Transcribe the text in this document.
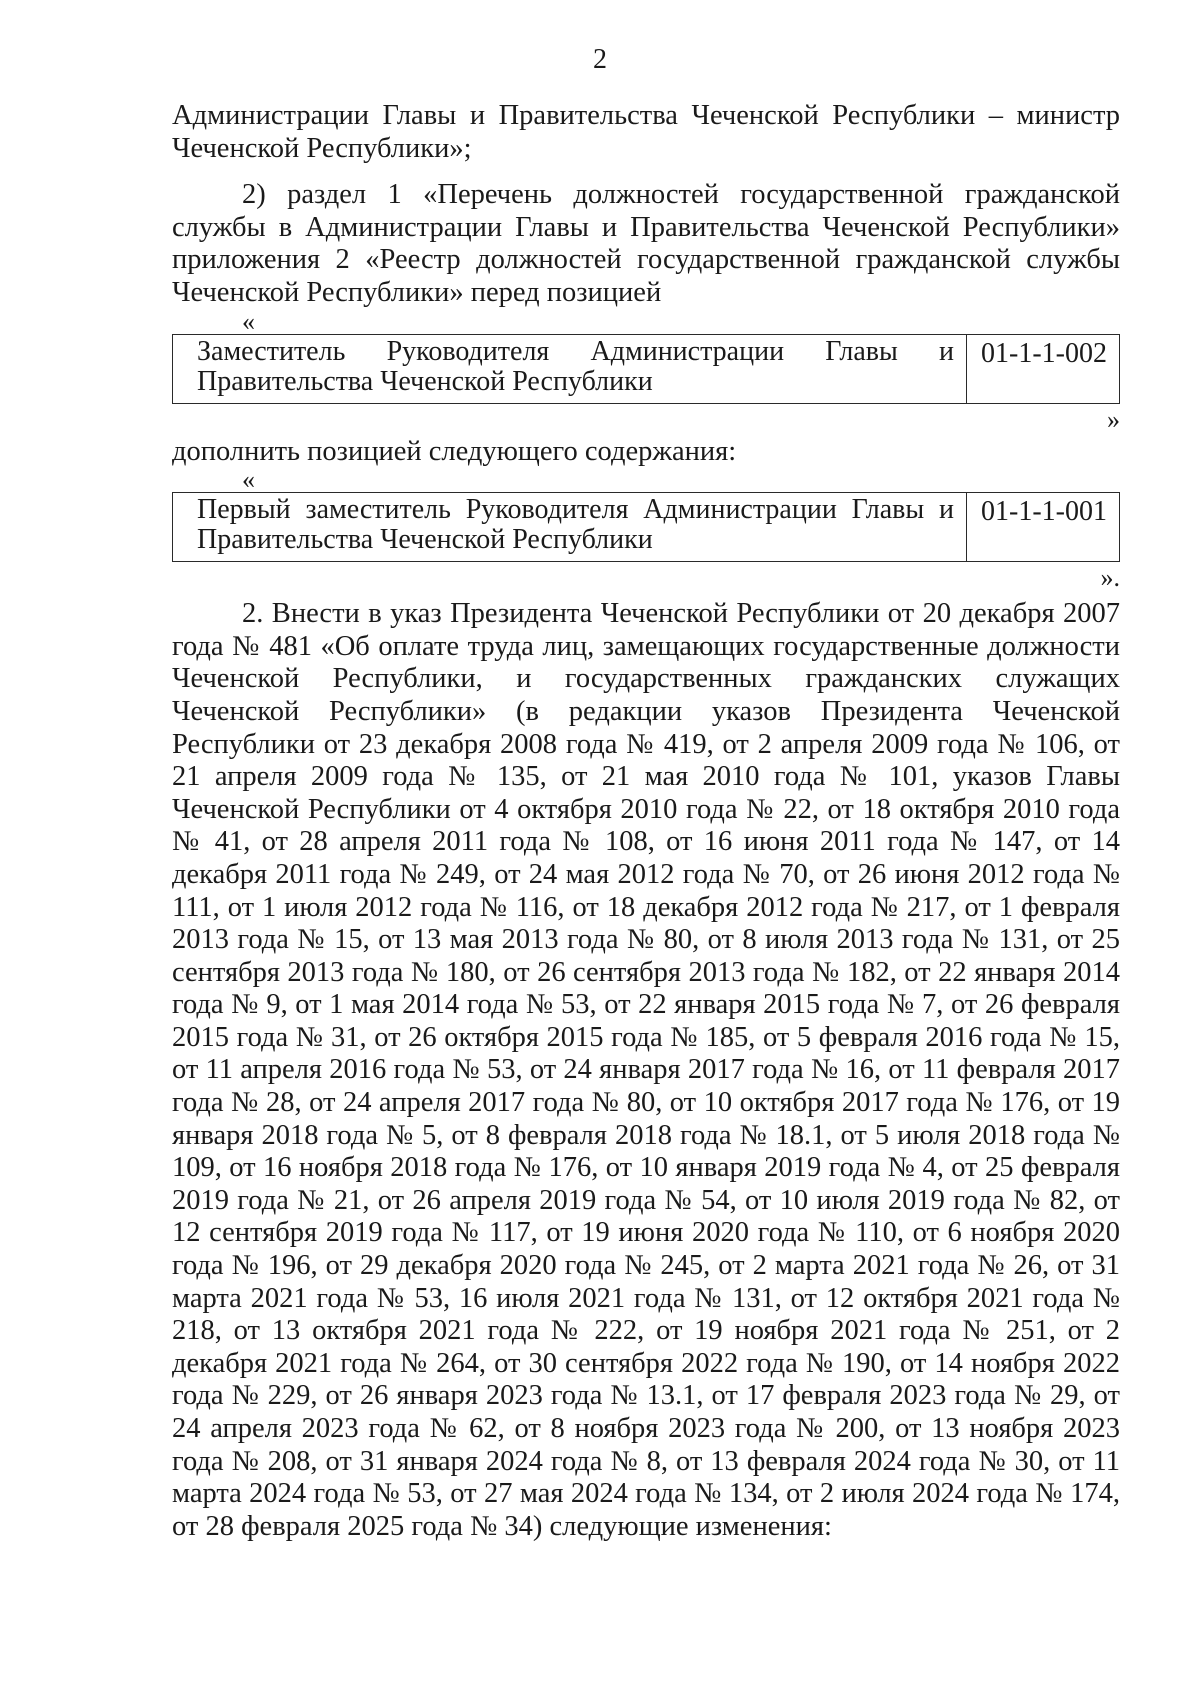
2

Администрации Главы и Правительства Чеченской Республики – министр Чеченской Республики»;

2) раздел 1 «Перечень должностей государственной гражданской службы в Администрации Главы и Правительства Чеченской Республики» приложения 2 «Реестр должностей государственной гражданской службы Чеченской Республики» перед позицией

«
Заместитель Руководителя Администрации Главы и Правительства Чеченской Республики	01-1-1-002
»

дополнить позицией следующего содержания:

«
Первый заместитель Руководителя Администрации Главы и Правительства Чеченской Республики	01-1-1-001
».

2. Внести в указ Президента Чеченской Республики от 20 декабря 2007 года № 481 «Об оплате труда лиц, замещающих государственные должности Чеченской Республики, и государственных гражданских служащих Чеченской Республики» (в редакции указов Президента Чеченской Республики от 23 декабря 2008 года № 419, от 2 апреля 2009 года № 106, от 21 апреля 2009 года № 135, от 21 мая 2010 года № 101, указов Главы Чеченской Республики от 4 октября 2010 года № 22, от 18 октября 2010 года № 41, от 28 апреля 2011 года № 108, от 16 июня 2011 года № 147, от 14 декабря 2011 года № 249, от 24 мая 2012 года № 70, от 26 июня 2012 года № 111, от 1 июля 2012 года № 116, от 18 декабря 2012 года № 217, от 1 февраля 2013 года № 15, от 13 мая 2013 года № 80, от 8 июля 2013 года № 131, от 25 сентября 2013 года № 180, от 26 сентября 2013 года № 182, от 22 января 2014 года № 9, от 1 мая 2014 года № 53, от 22 января 2015 года № 7, от 26 февраля 2015 года № 31, от 26 октября 2015 года № 185, от 5 февраля 2016 года № 15, от 11 апреля 2016 года № 53, от 24 января 2017 года № 16, от 11 февраля 2017 года № 28, от 24 апреля 2017 года № 80, от 10 октября 2017 года № 176, от 19 января 2018 года № 5, от 8 февраля 2018 года № 18.1, от 5 июля 2018 года № 109, от 16 ноября 2018 года № 176, от 10 января 2019 года № 4, от 25 февраля 2019 года № 21, от 26 апреля 2019 года № 54, от 10 июля 2019 года № 82, от 12 сентября 2019 года № 117, от 19 июня 2020 года № 110, от 6 ноября 2020 года № 196, от 29 декабря 2020 года № 245, от 2 марта 2021 года № 26, от 31 марта 2021 года № 53, 16 июля 2021 года № 131, от 12 октября 2021 года № 218, от 13 октября 2021 года № 222, от 19 ноября 2021 года № 251, от 2 декабря 2021 года № 264, от 30 сентября 2022 года № 190, от 14 ноября 2022 года № 229, от 26 января 2023 года № 13.1, от 17 февраля 2023 года № 29, от 24 апреля 2023 года № 62, от 8 ноября 2023 года № 200, от 13 ноября 2023 года № 208, от 31 января 2024 года № 8, от 13 февраля 2024 года № 30, от 11 марта 2024 года № 53, от 27 мая 2024 года № 134, от 2 июля 2024 года № 174, от 28 февраля 2025 года № 34) следующие изменения:
